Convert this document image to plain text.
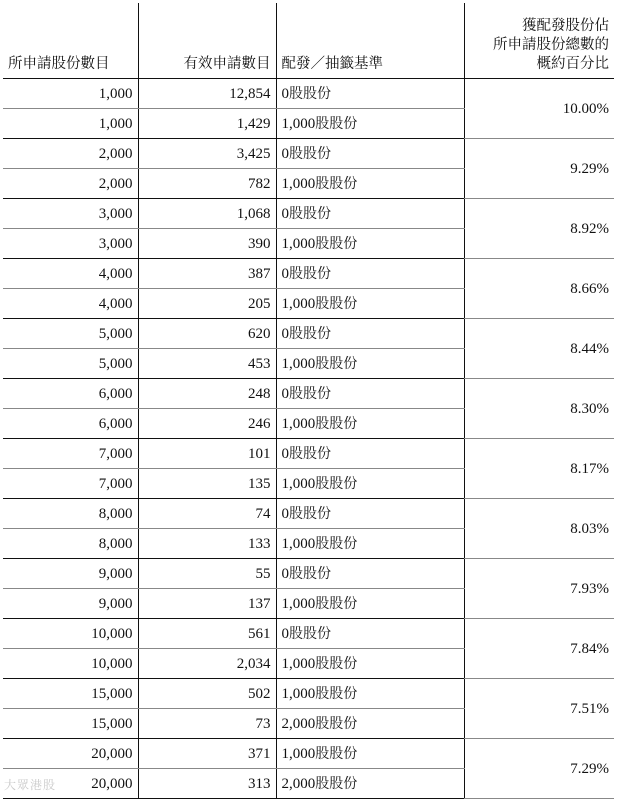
所申請股份數目	有效申請數目	配發／抽籤基準	獲配發股份佔
所申請股份總數的
概約百分比
1,000	12,854	0股股份	10.00%
1,000	1,429	1,000股股份	
2,000	3,425	0股股份	9.29%
2,000	782	1,000股股份	
3,000	1,068	0股股份	8.92%
3,000	390	1,000股股份	
4,000	387	0股股份	8.66%
4,000	205	1,000股股份	
5,000	620	0股股份	8.44%
5,000	453	1,000股股份	
6,000	248	0股股份	8.30%
6,000	246	1,000股股份	
7,000	101	0股股份	8.17%
7,000	135	1,000股股份	
8,000	74	0股股份	8.03%
8,000	133	1,000股股份	
9,000	55	0股股份	7.93%
9,000	137	1,000股股份	
10,000	561	0股股份	7.84%
10,000	2,034	1,000股股份	
15,000	502	1,000股股份	7.51%
15,000	73	2,000股股份	
20,000	371	1,000股股份	7.29%
20,000	313	2,000股股份	
大眾港股
